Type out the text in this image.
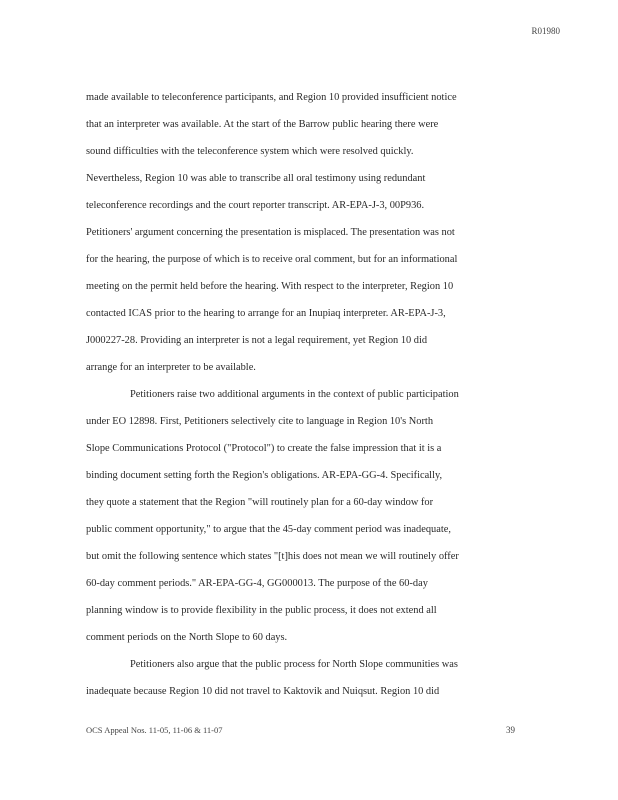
R01980
made available to teleconference participants, and Region 10 provided insufficient notice
that an interpreter was available. At the start of the Barrow public hearing there were
sound difficulties with the teleconference system which were resolved quickly.
Nevertheless, Region 10 was able to transcribe all oral testimony using redundant
teleconference recordings and the court reporter transcript. AR-EPA-J-3, 00P936.
Petitioners' argument concerning the presentation is misplaced. The presentation was not
for the hearing, the purpose of which is to receive oral comment, but for an informational
meeting on the permit held before the hearing. With respect to the interpreter, Region 10
contacted ICAS prior to the hearing to arrange for an Inupiaq interpreter. AR-EPA-J-3,
J000227-28. Providing an interpreter is not a legal requirement, yet Region 10 did
arrange for an interpreter to be available.
Petitioners raise two additional arguments in the context of public participation
under EO 12898. First, Petitioners selectively cite to language in Region 10's North
Slope Communications Protocol ("Protocol") to create the false impression that it is a
binding document setting forth the Region's obligations. AR-EPA-GG-4. Specifically,
they quote a statement that the Region "will routinely plan for a 60-day window for
public comment opportunity," to argue that the 45-day comment period was inadequate,
but omit the following sentence which states "[t]his does not mean we will routinely offer
60-day comment periods." AR-EPA-GG-4, GG000013. The purpose of the 60-day
planning window is to provide flexibility in the public process, it does not extend all
comment periods on the North Slope to 60 days.
Petitioners also argue that the public process for North Slope communities was
inadequate because Region 10 did not travel to Kaktovik and Nuiqsut. Region 10 did
OCS Appeal Nos. 11-05, 11-06 & 11-07	39
